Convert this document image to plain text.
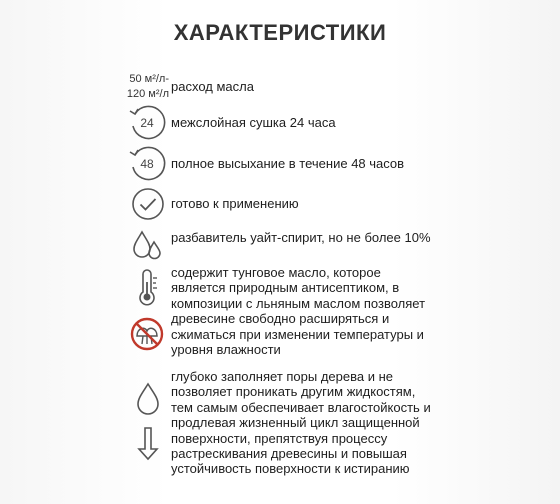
ХАРАКТЕРИСТИКИ
50 м²/л-
120 м²/л расход масла
24 межслойная сушка 24 часа
48 полное высыхание в течение 48 часов
готово к применению
разбавитель уайт-спирит, но не более 10%
содержит тунговое масло, которое является природным антисептиком, в композиции с льняным маслом позволяет древесине свободно расширяться и сжиматься при изменении температуры и уровня влажности
глубоко заполняет поры дерева и не позволяет проникать другим жидкостям, тем самым обеспечивает влагостойкость и продлевая жизненный цикл защищенной поверхности, препятствуя процессу растрескивания древесины и повышая устойчивость поверхности к истиранию
